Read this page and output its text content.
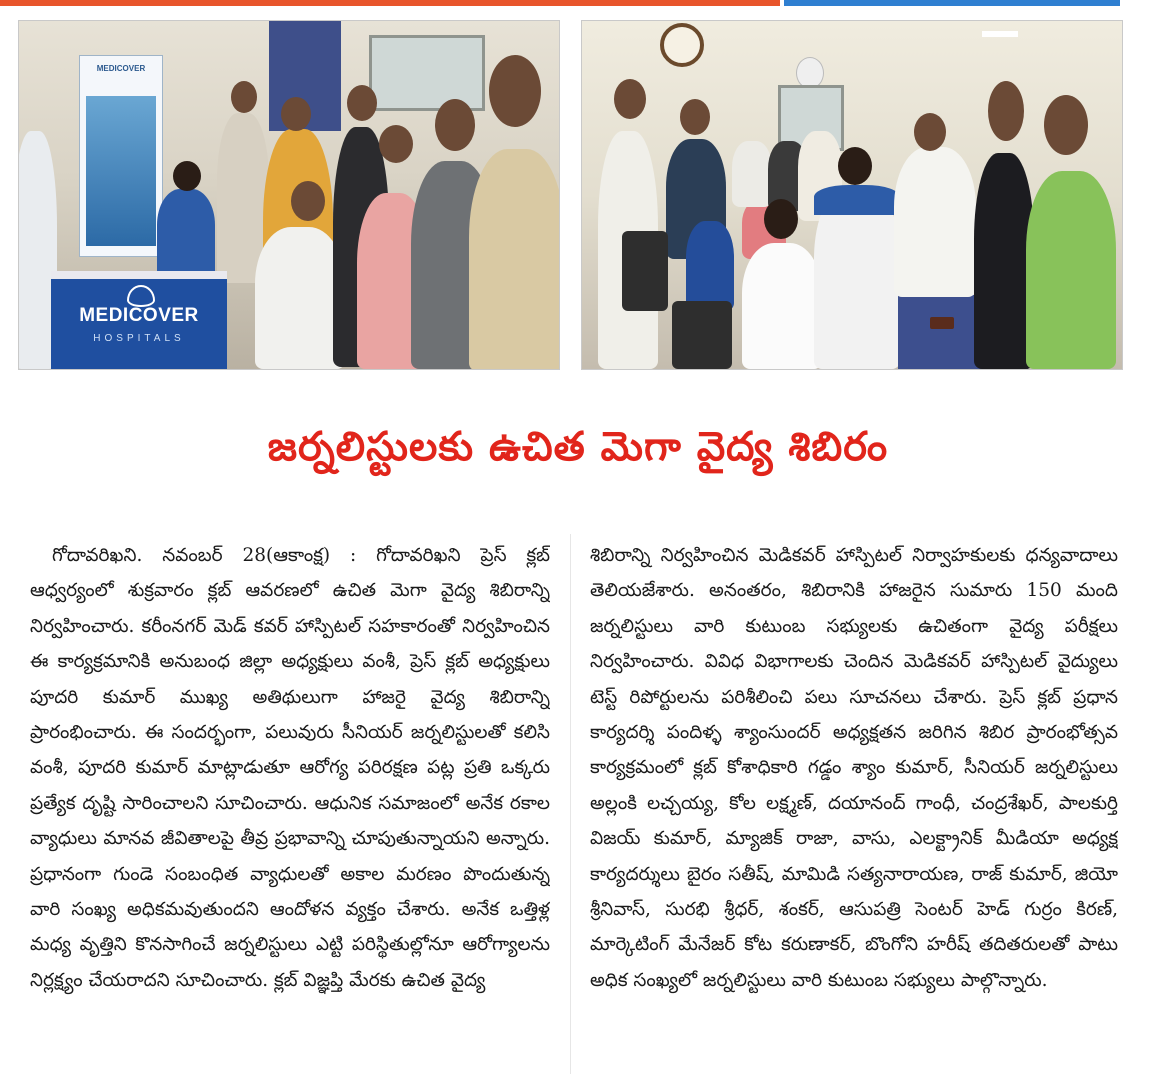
MEDICOVER
MEDICOVER
HOSPITALS
జర్నలిస్టులకు ఉచిత మెగా వైద్య శిబిరం

గోదావరిఖని. నవంబర్ 28(ఆకాంక్ష) : గోదావరిఖని ప్రెస్ క్లబ్ ఆధ్వర్యంలో శుక్రవారం క్లబ్ ఆవరణలో ఉచిత మెగా వైద్య శిబిరాన్ని నిర్వహించారు. కరీంనగర్ మెడ్ కవర్ హాస్పిటల్ సహకారంతో నిర్వహించిన ఈ కార్యక్రమానికి అనుబంధ జిల్లా అధ్యక్షులు వంశీ, ప్రెస్ క్లబ్ అధ్యక్షులు పూదరి కుమార్ ముఖ్య అతిథులుగా హాజరై వైద్య శిబిరాన్ని ప్రారంభించారు. ఈ సందర్భంగా, పలువురు సీనియర్ జర్నలిస్టులతో కలిసి వంశీ, పూదరి కుమార్ మాట్లాడుతూ ఆరోగ్య పరిరక్షణ పట్ల ప్రతి ఒక్కరు ప్రత్యేక దృష్టి సారించాలని సూచించారు. ఆధునిక సమాజంలో అనేక రకాల వ్యాధులు మానవ జీవితాలపై తీవ్ర ప్రభావాన్ని చూపుతున్నాయని అన్నారు. ప్రధానంగా గుండె సంబంధిత వ్యాధులతో అకాల మరణం పొందుతున్న వారి సంఖ్య అధికమవుతుందని ఆందోళన వ్యక్తం చేశారు. అనేక ఒత్తిళ్ల మధ్య వృత్తిని కొనసాగించే జర్నలిస్టులు ఎట్టి పరిస్థితుల్లోనూ ఆరోగ్యాలను నిర్లక్ష్యం చేయరాదని సూచించారు. క్లబ్ విజ్ఞప్తి మేరకు ఉచిత వైద్య

శిబిరాన్ని నిర్వహించిన మెడికవర్ హాస్పిటల్ నిర్వాహకులకు ధన్యవాదాలు తెలియజేశారు. అనంతరం, శిబిరానికి హాజరైన సుమారు 150 మంది జర్నలిస్టులు వారి కుటుంబ సభ్యులకు ఉచితంగా వైద్య పరీక్షలు నిర్వహించారు. వివిధ విభాగాలకు చెందిన మెడికవర్ హాస్పిటల్ వైద్యులు టెస్ట్ రిపోర్టులను పరిశీలించి పలు సూచనలు చేశారు. ప్రెస్ క్లబ్ ప్రధాన కార్యదర్శి పందిళ్ళ శ్యాంసుందర్ అధ్యక్షతన జరిగిన శిబిర ప్రారంభోత్సవ కార్యక్రమంలో క్లబ్ కోశాధికారి గడ్డం శ్యాం కుమార్, సీనియర్ జర్నలిస్టులు అల్లంకి లచ్చయ్య, కోల లక్ష్మణ్, దయానంద్ గాంధీ, చంద్రశేఖర్, పాలకుర్తి విజయ్ కుమార్, మ్యాజిక్ రాజా, వాసు, ఎలక్ట్రానిక్ మీడియా అధ్యక్ష కార్యదర్శులు బైరం సతీష్, మామిడి సత్యనారాయణ, రాజ్ కుమార్, జియో శ్రీనివాస్, సురభి శ్రీధర్, శంకర్, ఆసుపత్రి సెంటర్ హెడ్ గుర్రం కిరణ్, మార్కెటింగ్ మేనేజర్ కోట కరుణాకర్, బొంగోని హరీష్ తదితరులతో పాటు అధిక సంఖ్యలో జర్నలిస్టులు వారి కుటుంబ సభ్యులు పాల్గొన్నారు.
